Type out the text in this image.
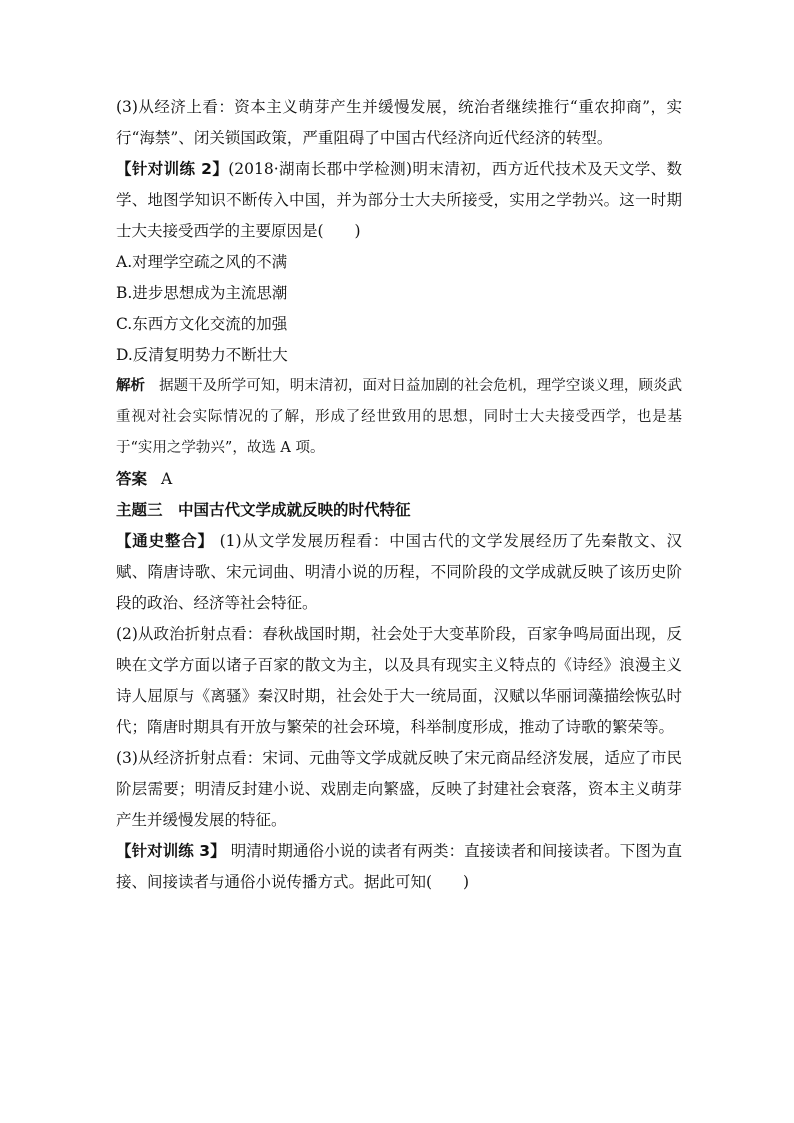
(3)从经济上看：资本主义萌芽产生并缓慢发展，统治者继续推行“重农抑商”，实行“海禁”、闭关锁国政策，严重阻碍了中国古代经济向近代经济的转型。

【针对训练 2】(2018·湖南长郡中学检测)明末清初，西方近代技术及天文学、数学、地图学知识不断传入中国，并为部分士大夫所接受，实用之学勃兴。这一时期士大夫接受西学的主要原因是(　　)

A.对理学空疏之风的不满

B.进步思想成为主流思潮

C.东西方文化交流的加强

D.反清复明势力不断壮大

解析 据题干及所学可知，明末清初，面对日益加剧的社会危机，理学空谈义理，顾炎武重视对社会实际情况的了解，形成了经世致用的思想，同时士大夫接受西学，也是基于“实用之学勃兴”，故选 A 项。

答案 A

主题三　中国古代文学成就反映的时代特征

【通史整合】 (1)从文学发展历程看：中国古代的文学发展经历了先秦散文、汉赋、隋唐诗歌、宋元词曲、明清小说的历程，不同阶段的文学成就反映了该历史阶段的政治、经济等社会特征。

(2)从政治折射点看：春秋战国时期，社会处于大变革阶段，百家争鸣局面出现，反映在文学方面以诸子百家的散文为主，以及具有现实主义特点的《诗经》浪漫主义诗人屈原与《离骚》秦汉时期，社会处于大一统局面，汉赋以华丽词藻描绘恢弘时代；隋唐时期具有开放与繁荣的社会环境，科举制度形成，推动了诗歌的繁荣等。

(3)从经济折射点看：宋词、元曲等文学成就反映了宋元商品经济发展，适应了市民阶层需要；明清反封建小说、戏剧走向繁盛，反映了封建社会衰落，资本主义萌芽产生并缓慢发展的特征。

【针对训练 3】 明清时期通俗小说的读者有两类：直接读者和间接读者。下图为直接、间接读者与通俗小说传播方式。据此可知(　　)
